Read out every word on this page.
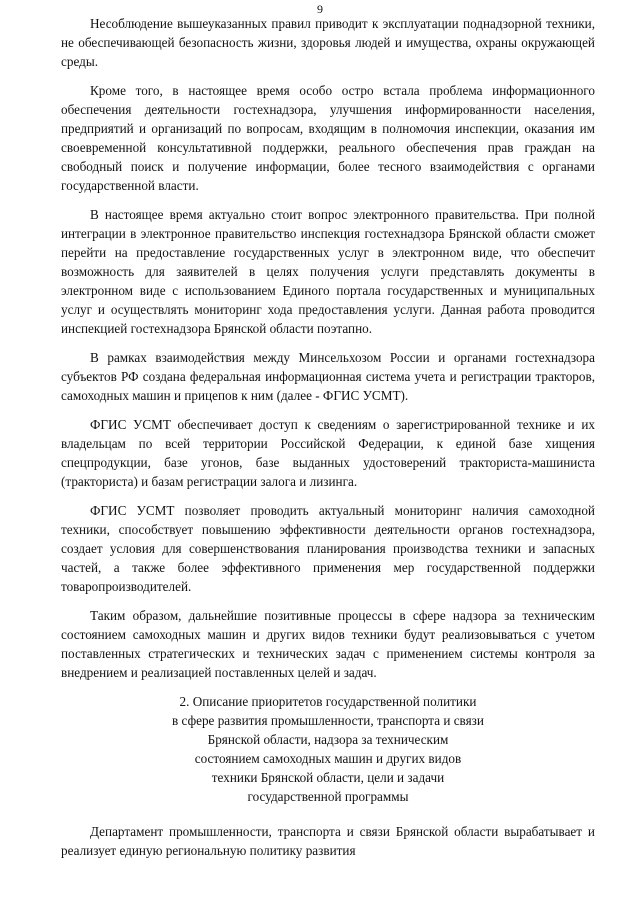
9

Несоблюдение вышеуказанных правил приводит к эксплуатации поднадзорной техники, не обеспечивающей безопасность жизни, здоровья людей и имущества, охраны окружающей среды.

Кроме того, в настоящее время особо остро встала проблема информационного обеспечения деятельности гостехнадзора, улучшения информированности населения, предприятий и организаций по вопросам, входящим в полномочия инспекции, оказания им своевременной консультативной поддержки, реального обеспечения прав граждан на свободный поиск и получение информации, более тесного взаимодействия с органами государственной власти.

В настоящее время актуально стоит вопрос электронного правительства. При полной интеграции в электронное правительство инспекция гостехнадзора Брянской области сможет перейти на предоставление государственных услуг в электронном виде, что обеспечит возможность для заявителей в целях получения услуги представлять документы в электронном виде с использованием Единого портала государственных и муниципальных услуг и осуществлять мониторинг хода предоставления услуги. Данная работа проводится инспекцией гостехнадзора Брянской области поэтапно.

В рамках взаимодействия между Минсельхозом России и органами гостехнадзора субъектов РФ создана федеральная информационная система учета и регистрации тракторов, самоходных машин и прицепов к ним (далее - ФГИС УСМТ).

ФГИС УСМТ обеспечивает доступ к сведениям о зарегистрированной технике и их владельцам по всей территории Российской Федерации, к единой базе хищения спецпродукции, базе угонов, базе выданных удостоверений тракториста-машиниста (тракториста) и базам регистрации залога и лизинга.

ФГИС УСМТ позволяет проводить актуальный мониторинг наличия самоходной техники, способствует повышению эффективности деятельности органов гостехнадзора, создает условия для совершенствования планирования производства техники и запасных частей, а также более эффективного применения мер государственной поддержки товаропроизводителей.

Таким образом, дальнейшие позитивные процессы в сфере надзора за техническим состоянием самоходных машин и других видов техники будут реализовываться с учетом поставленных стратегических и технических задач с применением системы контроля за внедрением и реализацией поставленных целей и задач.

2. Описание приоритетов государственной политики
в сфере развития промышленности, транспорта и связи
Брянской области, надзора за техническим
состоянием самоходных машин и других видов
техники Брянской области, цели и задачи
государственной программы

Департамент промышленности, транспорта и связи Брянской области вырабатывает и реализует единую региональную политику развития
